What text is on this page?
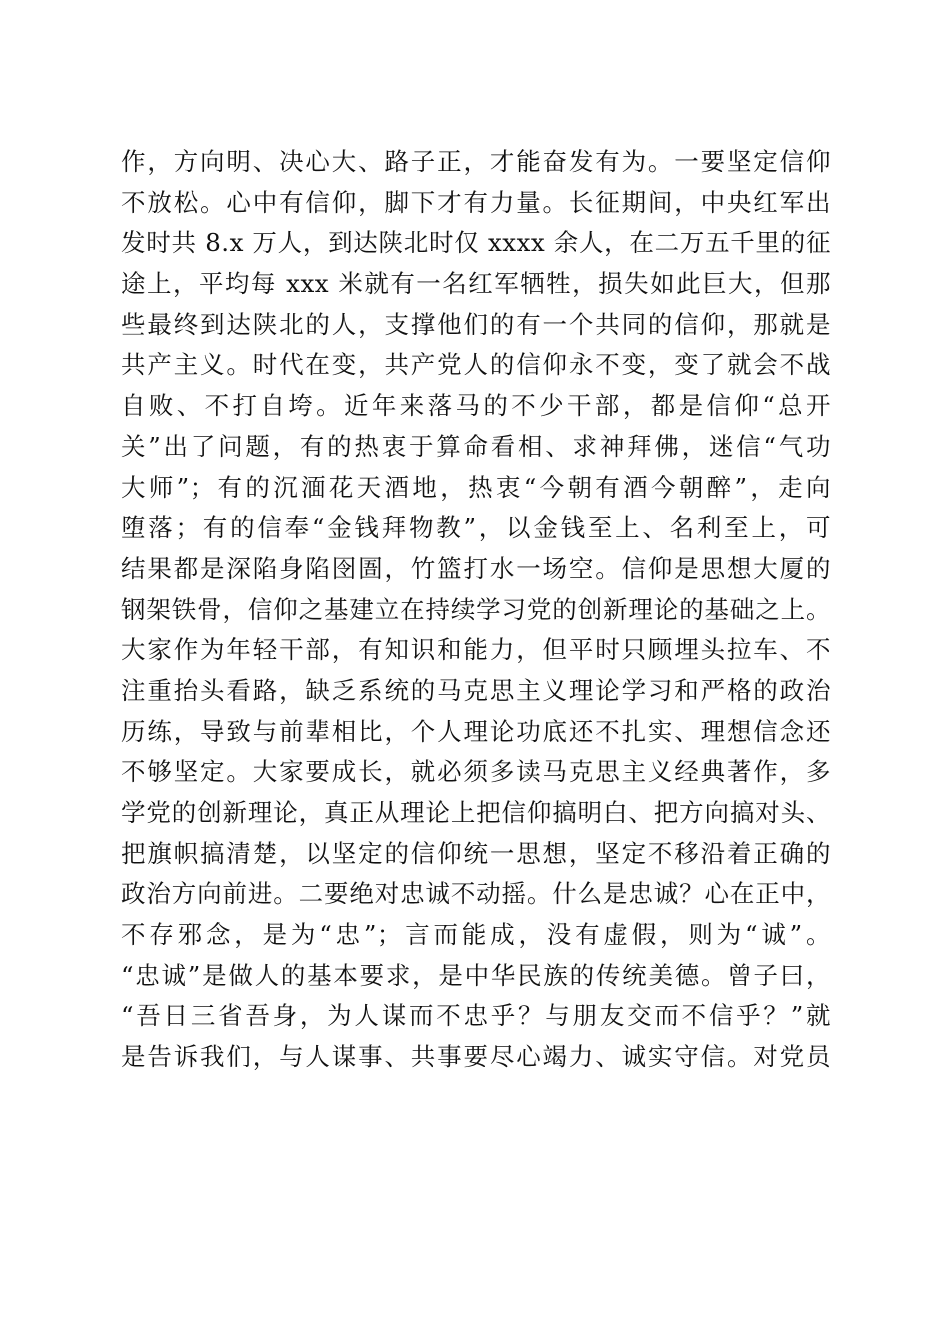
作，方向明、决心大、路子正，才能奋发有为。一要坚定信仰
不放松。心中有信仰，脚下才有力量。长征期间，中央红军出
发时共 8.x 万人，到达陕北时仅 xxxx 余人，在二万五千里的征
途上，平均每 xxx 米就有一名红军牺牲，损失如此巨大，但那
些最终到达陕北的人，支撑他们的有一个共同的信仰，那就是
共产主义。时代在变，共产党人的信仰永不变，变了就会不战
自败、不打自垮。近年来落马的不少干部，都是信仰“总开
关”出了问题，有的热衷于算命看相、求神拜佛，迷信“气功
大师”；有的沉湎花天酒地，热衷“今朝有酒今朝醉”，走向
堕落；有的信奉“金钱拜物教”，以金钱至上、名利至上，可
结果都是深陷身陷囹圄，竹篮打水一场空。信仰是思想大厦的
钢架铁骨，信仰之基建立在持续学习党的创新理论的基础之上。
大家作为年轻干部，有知识和能力，但平时只顾埋头拉车、不
注重抬头看路，缺乏系统的马克思主义理论学习和严格的政治
历练，导致与前辈相比，个人理论功底还不扎实、理想信念还
不够坚定。大家要成长，就必须多读马克思主义经典著作，多
学党的创新理论，真正从理论上把信仰搞明白、把方向搞对头、
把旗帜搞清楚，以坚定的信仰统一思想，坚定不移沿着正确的
政治方向前进。二要绝对忠诚不动摇。什么是忠诚？心在正中，
不存邪念，是为“忠”；言而能成，没有虚假，则为“诚”。
“忠诚”是做人的基本要求，是中华民族的传统美德。曾子曰，
“吾日三省吾身，为人谋而不忠乎？与朋友交而不信乎？”就
是告诉我们，与人谋事、共事要尽心竭力、诚实守信。对党员
